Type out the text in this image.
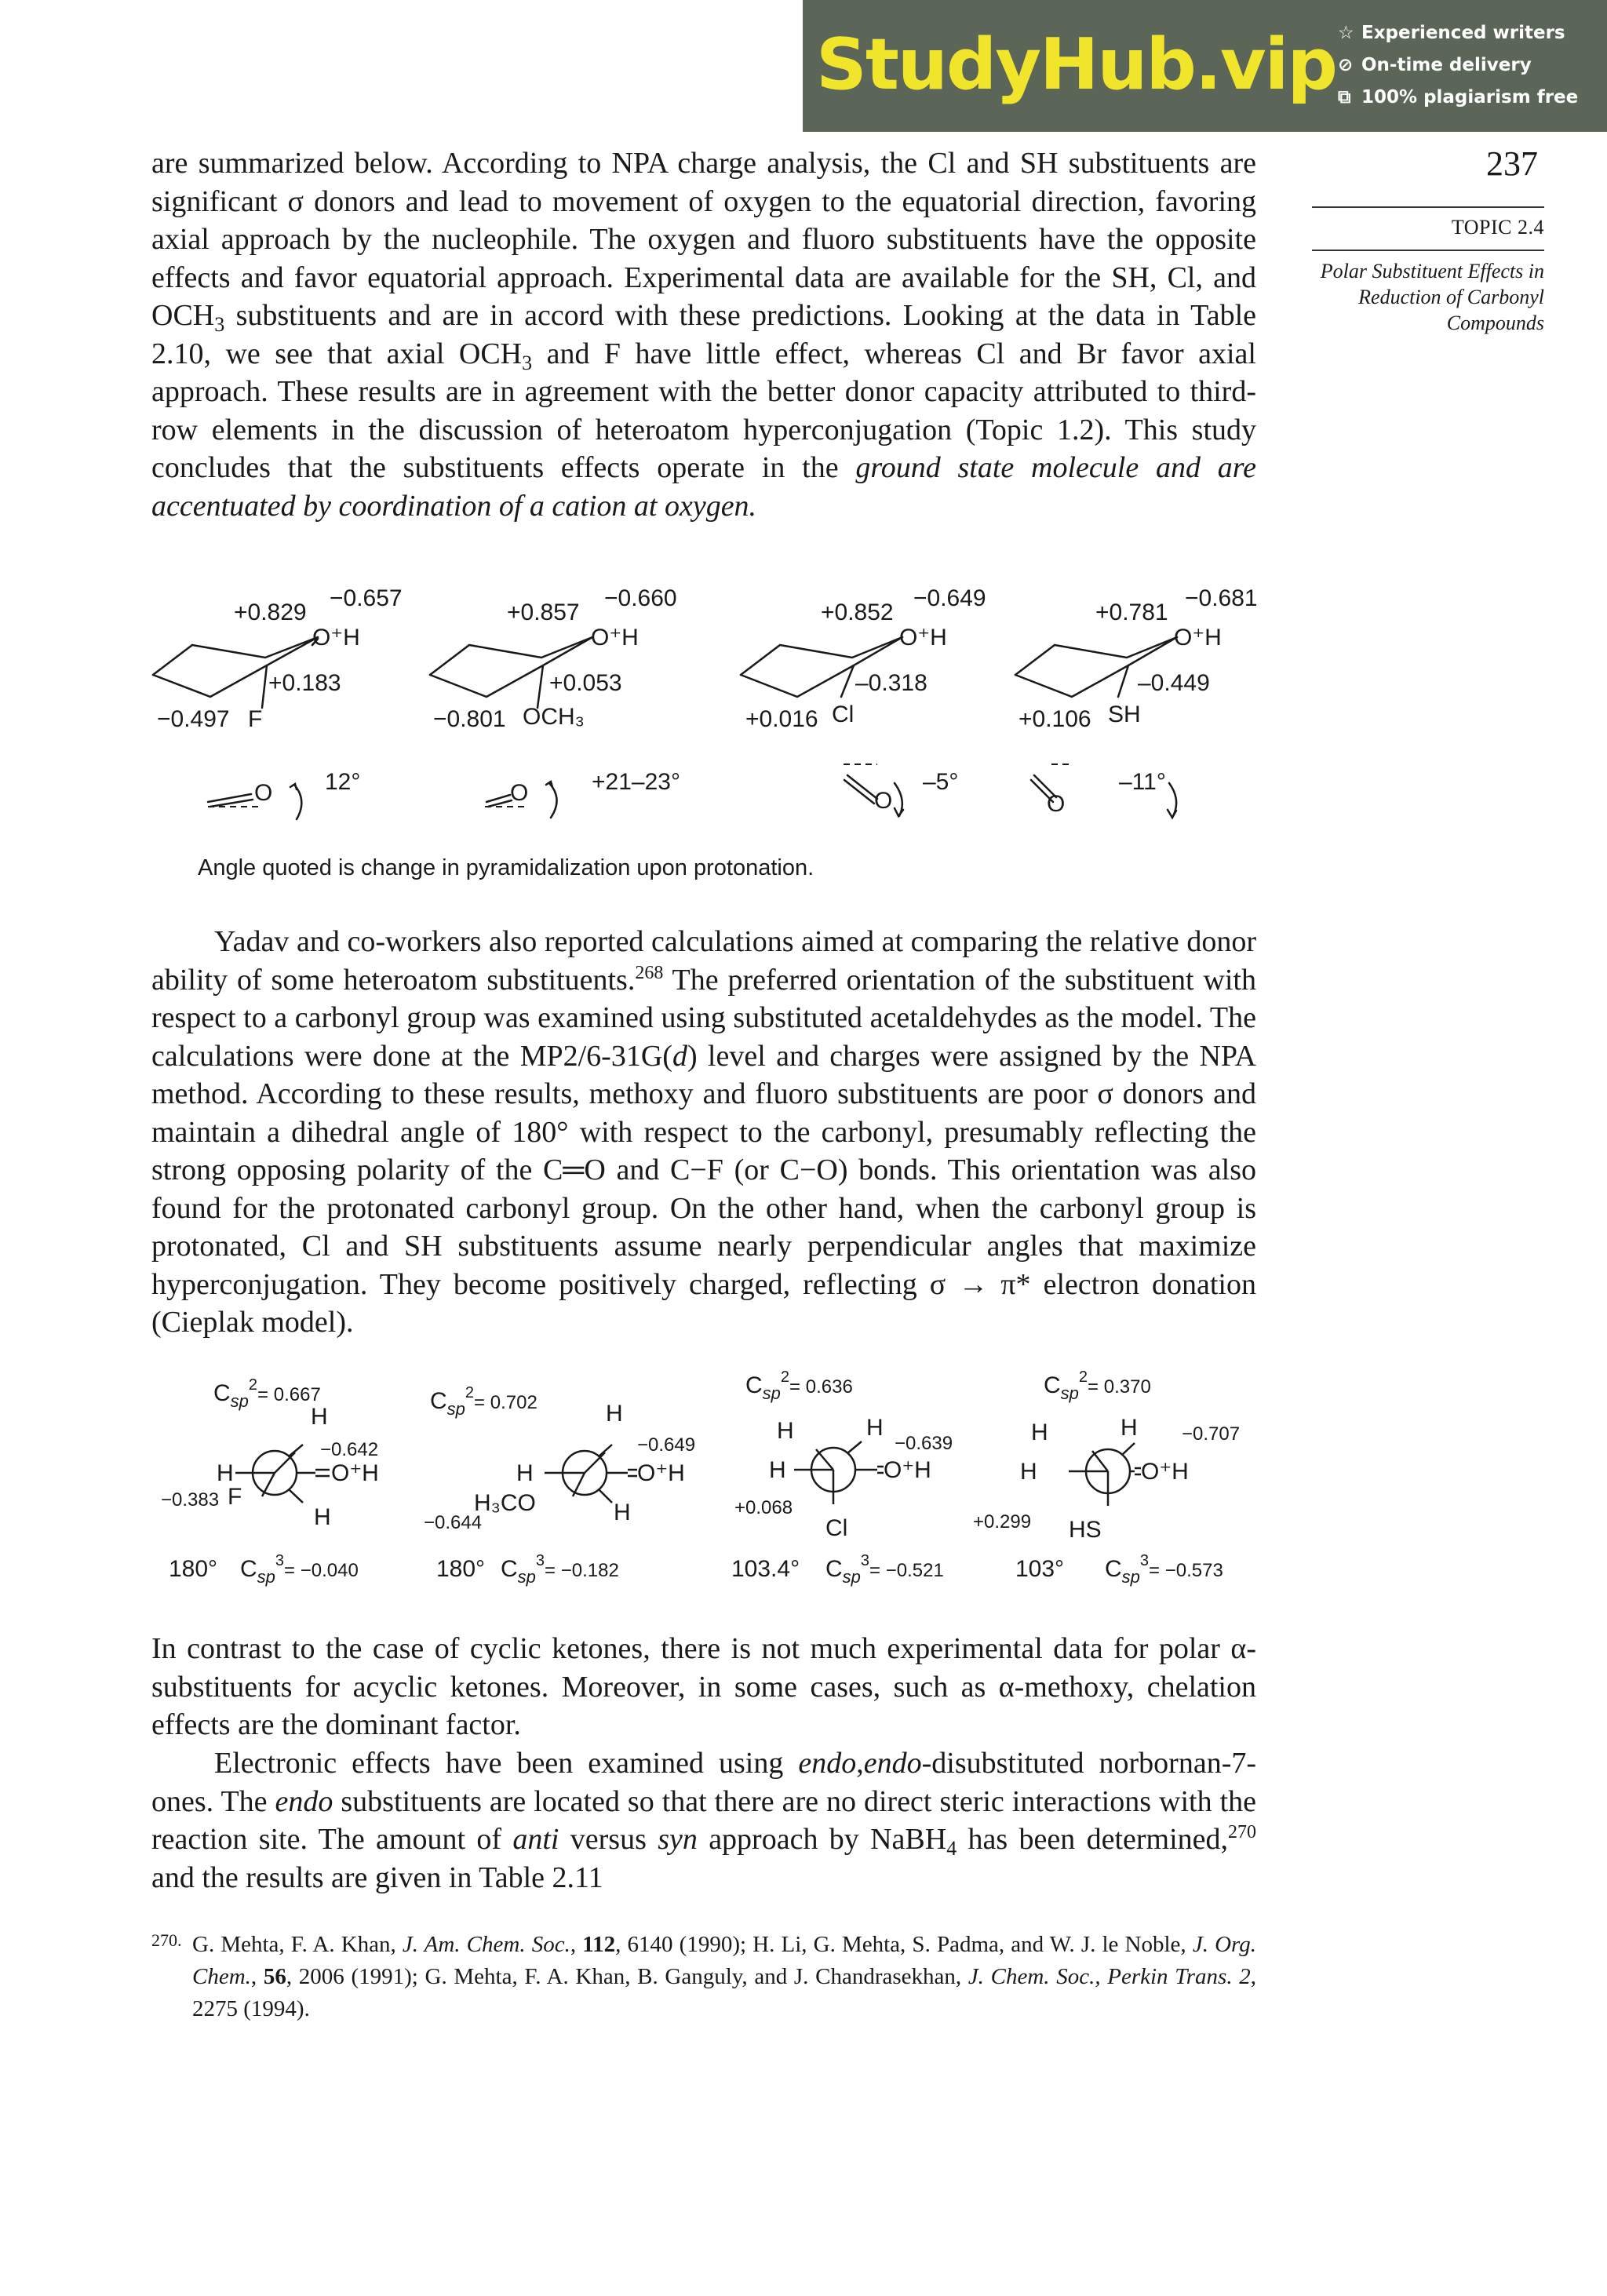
StudyHub.vip ☆ Experienced writers
⊘ On-time delivery
⧉ 100% plagiarism free
237
TOPIC 2.4
Polar Substituent Effects in Reduction of Carbonyl Compounds

are summarized below. According to NPA charge analysis, the Cl and SH substituents are significant σ donors and lead to movement of oxygen to the equatorial direction, favoring axial approach by the nucleophile. The oxygen and fluoro substituents have the opposite effects and favor equatorial approach. Experimental data are available for the SH, Cl, and $OCH_3$ substituents and are in accord with these predictions. Looking at the data in Table 2.10, we see that axial $OCH_3$ and F have little effect, whereas Cl and Br favor axial approach. These results are in agreement with the better donor capacity attributed to third-row elements in the discussion of heteroatom hyperconjugation (Topic 1.2). This study concludes that the substituents effects operate in the ground state molecule and are accentuated by coordination of a cation at oxygen.

+0.829
−0.657
O⁺H
+0.183
−0.497 F
O 12°
+0.857
−0.660
O⁺H
+0.053
−0.801 OCH₃
O	+21–23°
+0.852
−0.649
O⁺H
–0.318
+0.016 Cl
O
–5°
+0.781
−0.681
O⁺H
–0.449
+0.106 SH
O
–11°
Angle quoted is change in pyramidalization upon protonation.

Yadav and co-workers also reported calculations aimed at comparing the relative donor ability of some heteroatom substituents.$^{268}$ The preferred orientation of the substituent with respect to a carbonyl group was examined using substituted acetaldehydes as the model. The calculations were done at the MP2/6-31G(d) level and charges were assigned by the NPA method. According to these results, methoxy and fluoro substituents are poor σ donors and maintain a dihedral angle of 180° with respect to the carbonyl, presumably reflecting the strong opposing polarity of the C═O and C−F (or C−O) bonds. This orientation was also found for the protonated carbonyl group. On the other hand, when the carbonyl group is protonated, Cl and SH substituents assume nearly perpendicular angles that maximize hyperconjugation. They become positively charged, reflecting σ → π* electron donation (Cieplak model).

$C_{sp}^2_{= 0.667}$
H
−0.642
H	O⁺H
−0.383 F
H
180° $C_{sp}^3_{= -0.040}$
$C_{sp}^2_{= 0.702}$	H
−0.649
H	O⁺H
H₃CO
−0.644	H
180° $C_{sp}^3_{= -0.182}$
$C_{sp}^2_{= 0.636}$
H	H
−0.639
H	O⁺H
+0.068
Cl
103.4° $C_{sp}^3_{= -0.521}$
$C_{sp}^2_{= 0.370}$
H	H −0.707
H	O⁺H
+0.299 HS
103° $C_{sp}^3_{= -0.573}$

In contrast to the case of cyclic ketones, there is not much experimental data for polar α-substituents for acyclic ketones. Moreover, in some cases, such as α-methoxy, chelation effects are the dominant factor.

Electronic effects have been examined using endo,endo-disubstituted norbornan-7-ones. The endo substituents are located so that there are no direct steric interactions with the reaction site. The amount of anti versus syn approach by NaBH$_4$ has been determined,$^{270}$ and the results are given in Table 2.11

270. G. Mehta, F. A. Khan, J. Am. Chem. Soc., 112, 6140 (1990); H. Li, G. Mehta, S. Padma, and W. J. le Noble, J. Org. Chem., 56, 2006 (1991); G. Mehta, F. A. Khan, B. Ganguly, and J. Chandrasekhan, J. Chem. Soc., Perkin Trans. 2, 2275 (1994).
